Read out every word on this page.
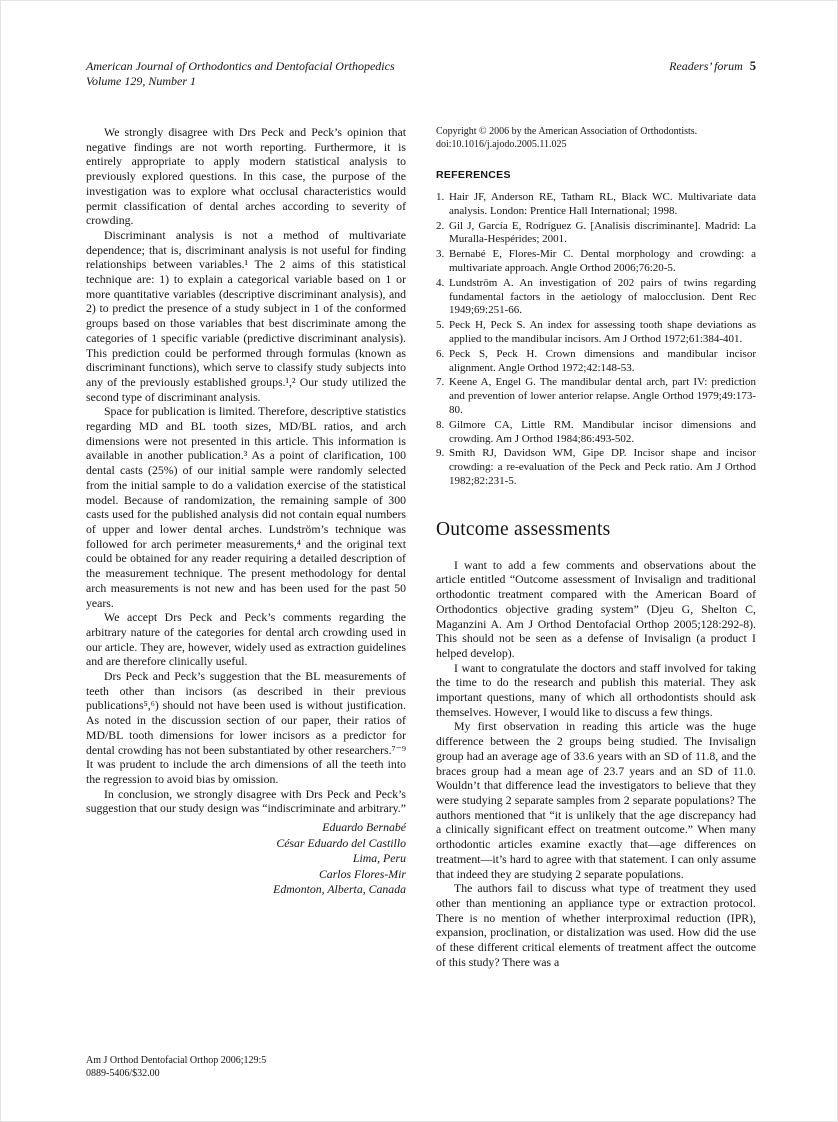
American Journal of Orthodontics and Dentofacial Orthopedics
Volume 129, Number 1
Readers’ forum 5

We strongly disagree with Drs Peck and Peck’s opinion that negative findings are not worth reporting. Furthermore, it is entirely appropriate to apply modern statistical analysis to previously explored questions. In this case, the purpose of the investigation was to explore what occlusal characteristics would permit classification of dental arches according to severity of crowding.

Discriminant analysis is not a method of multivariate dependence; that is, discriminant analysis is not useful for finding relationships between variables.¹ The 2 aims of this statistical technique are: 1) to explain a categorical variable based on 1 or more quantitative variables (descriptive discriminant analysis), and 2) to predict the presence of a study subject in 1 of the conformed groups based on those variables that best discriminate among the categories of 1 specific variable (predictive discriminant analysis). This prediction could be performed through formulas (known as discriminant functions), which serve to classify study subjects into any of the previously established groups.¹,² Our study utilized the second type of discriminant analysis.

Space for publication is limited. Therefore, descriptive statistics regarding MD and BL tooth sizes, MD/BL ratios, and arch dimensions were not presented in this article. This information is available in another publication.³ As a point of clarification, 100 dental casts (25%) of our initial sample were randomly selected from the initial sample to do a validation exercise of the statistical model. Because of randomization, the remaining sample of 300 casts used for the published analysis did not contain equal numbers of upper and lower dental arches. Lundström’s technique was followed for arch perimeter measurements,⁴ and the original text could be obtained for any reader requiring a detailed description of the measurement technique. The present methodology for dental arch measurements is not new and has been used for the past 50 years.

We accept Drs Peck and Peck’s comments regarding the arbitrary nature of the categories for dental arch crowding used in our article. They are, however, widely used as extraction guidelines and are therefore clinically useful.

Drs Peck and Peck’s suggestion that the BL measurements of teeth other than incisors (as described in their previous publications⁵,⁶) should not have been used is without justification. As noted in the discussion section of our paper, their ratios of MD/BL tooth dimensions for lower incisors as a predictor for dental crowding has not been substantiated by other researchers.⁷⁻⁹ It was prudent to include the arch dimensions of all the teeth into the regression to avoid bias by omission.

In conclusion, we strongly disagree with Drs Peck and Peck’s suggestion that our study design was “indiscriminate and arbitrary.”

Eduardo Bernabé
César Eduardo del Castillo
Lima, Peru
Carlos Flores-Mir
Edmonton, Alberta, Canada
Copyright © 2006 by the American Association of Orthodontists.
doi:10.1016/j.ajodo.2005.11.025
REFERENCES
1. Hair JF, Anderson RE, Tatham RL, Black WC. Multivariate data analysis. London: Prentice Hall International; 1998.
2. Gil J, García E, Rodríguez G. [Analisis discriminante]. Madrid: La Muralla-Hespérides; 2001.
3. Bernabé E, Flores-Mir C. Dental morphology and crowding: a multivariate approach. Angle Orthod 2006;76:20-5.
4. Lundström A. An investigation of 202 pairs of twins regarding fundamental factors in the aetiology of malocclusion. Dent Rec 1949;69:251-66.
5. Peck H, Peck S. An index for assessing tooth shape deviations as applied to the mandibular incisors. Am J Orthod 1972;61:384-401.
6. Peck S, Peck H. Crown dimensions and mandibular incisor alignment. Angle Orthod 1972;42:148-53.
7. Keene A, Engel G. The mandibular dental arch, part IV: prediction and prevention of lower anterior relapse. Angle Orthod 1979;49:173-80.
8. Gilmore CA, Little RM. Mandibular incisor dimensions and crowding. Am J Orthod 1984;86:493-502.
9. Smith RJ, Davidson WM, Gipe DP. Incisor shape and incisor crowding: a re-evaluation of the Peck and Peck ratio. Am J Orthod 1982;82:231-5.
Outcome assessments

I want to add a few comments and observations about the article entitled “Outcome assessment of Invisalign and traditional orthodontic treatment compared with the American Board of Orthodontics objective grading system” (Djeu G, Shelton C, Maganzini A. Am J Orthod Dentofacial Orthop 2005;128:292-8). This should not be seen as a defense of Invisalign (a product I helped develop).

I want to congratulate the doctors and staff involved for taking the time to do the research and publish this material. They ask important questions, many of which all orthodontists should ask themselves. However, I would like to discuss a few things.

My first observation in reading this article was the huge difference between the 2 groups being studied. The Invisalign group had an average age of 33.6 years with an SD of 11.8, and the braces group had a mean age of 23.7 years and an SD of 11.0. Wouldn’t that difference lead the investigators to believe that they were studying 2 separate samples from 2 separate populations? The authors mentioned that “it is unlikely that the age discrepancy had a clinically significant effect on treatment outcome.” When many orthodontic articles examine exactly that—age differences on treatment—it’s hard to agree with that statement. I can only assume that indeed they are studying 2 separate populations.

The authors fail to discuss what type of treatment they used other than mentioning an appliance type or extraction protocol. There is no mention of whether interproximal reduction (IPR), expansion, proclination, or distalization was used. How did the use of these different critical elements of treatment affect the outcome of this study? There was a

Am J Orthod Dentofacial Orthop 2006;129:5
0889-5406/$32.00
